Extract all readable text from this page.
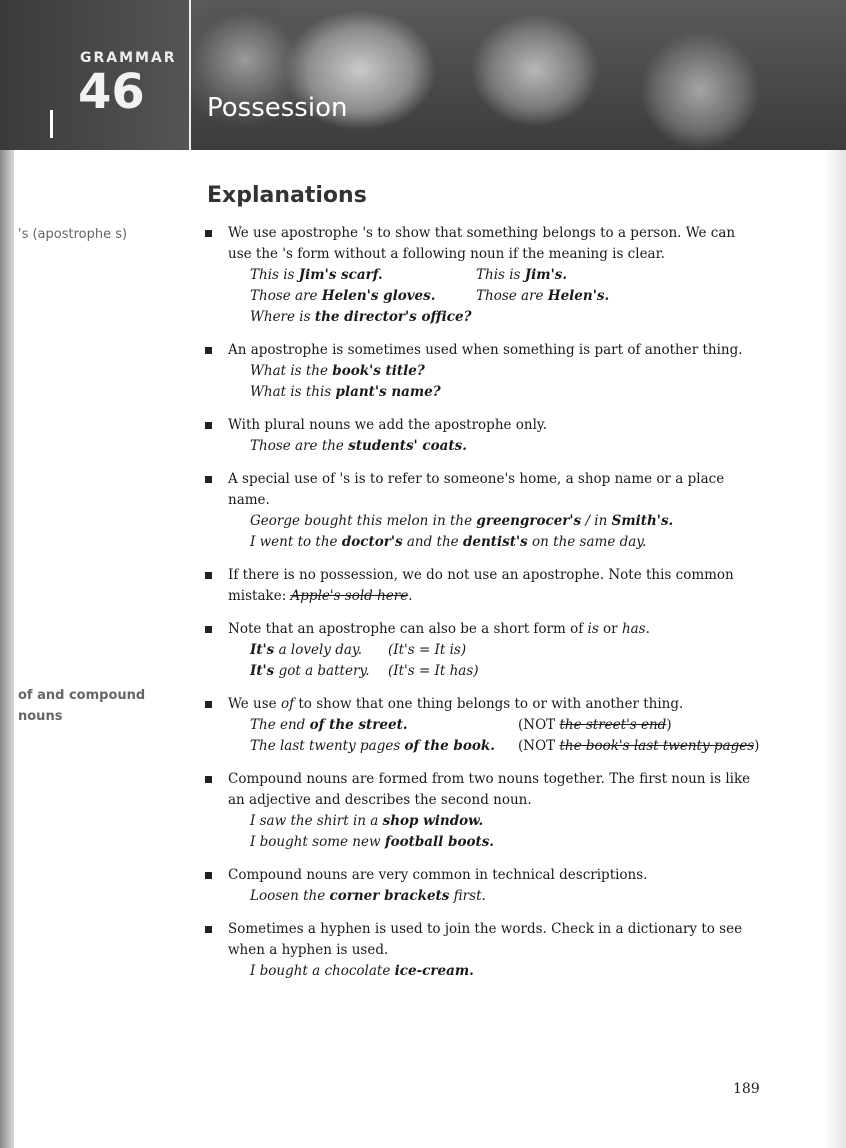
GRAMMAR
46 Possession
Explanations
's (apostrophe s)
of and compound
nouns
We use apostrophe 's to show that something belongs to a person. We can
use the 's form without a following noun if the meaning is clear.
This is Jim's scarf.	This is Jim's.
Those are Helen's gloves.	Those are Helen's.
Where is the director's office?
An apostrophe is sometimes used when something is part of another thing.
What is the book's title?
What is this plant's name?
With plural nouns we add the apostrophe only.
Those are the students' coats.
A special use of 's is to refer to someone's home, a shop name or a place
name.
George bought this melon in the greengrocer's / in Smith's.
I went to the doctor's and the dentist's on the same day.
If there is no possession, we do not use an apostrophe. Note this common
mistake: Apple's sold here.
Note that an apostrophe can also be a short form of is or has.
It's a lovely day.	(It's = It is)
It's got a battery.	(It's = It has)
We use of to show that one thing belongs to or with another thing.
The end of the street.	(NOT the street's end)
The last twenty pages of the book.	(NOT the book's last twenty pages)
Compound nouns are formed from two nouns together. The first noun is like
an adjective and describes the second noun.
I saw the shirt in a shop window.
I bought some new football boots.
Compound nouns are very common in technical descriptions.
Loosen the corner brackets first.
Sometimes a hyphen is used to join the words. Check in a dictionary to see
when a hyphen is used.
I bought a chocolate ice-cream.
189
